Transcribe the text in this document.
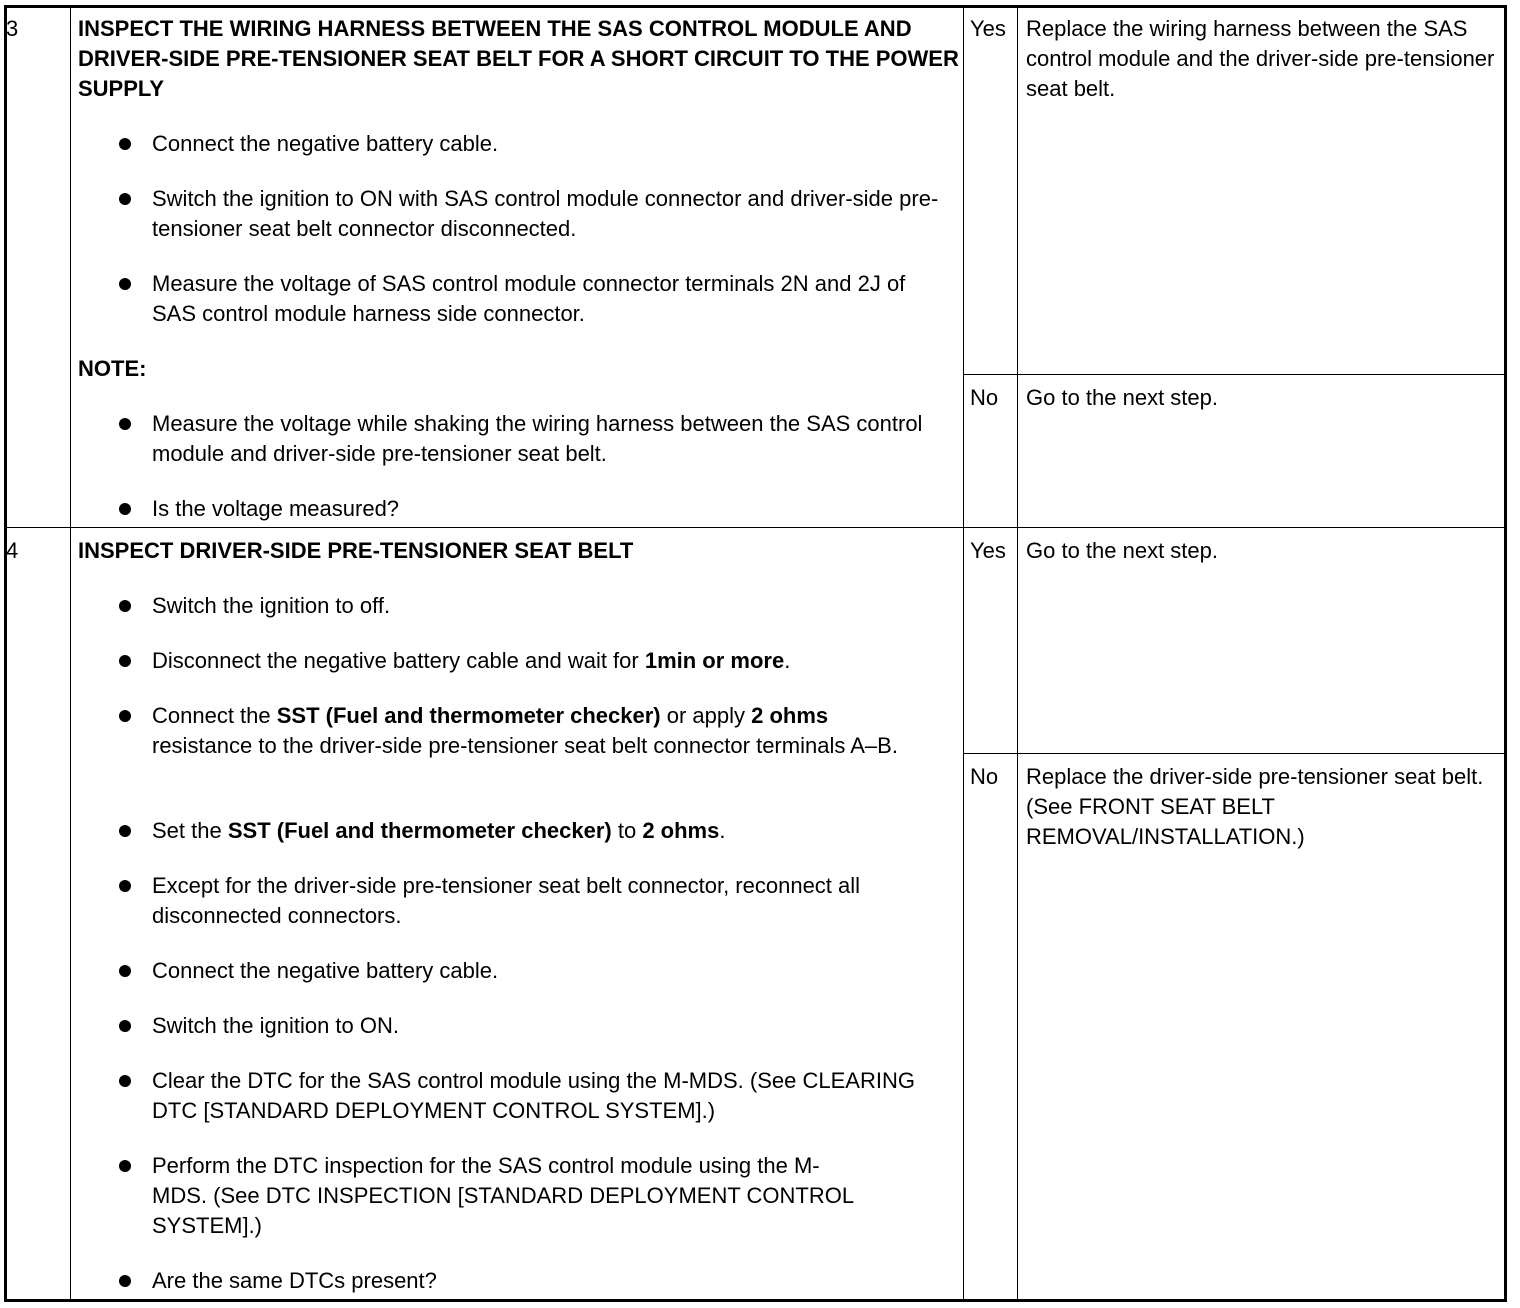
3	INSPECT THE WIRING HARNESS BETWEEN THE SAS CONTROL MODULE AND DRIVER-SIDE PRE-TENSIONER SEAT BELT FOR A SHORT CIRCUIT TO THE POWER SUPPLY
Connect the negative battery cable.
Switch the ignition to ON with SAS control module connector and driver-side pre-tensioner seat belt connector disconnected.
Measure the voltage of SAS control module connector terminals 2N and 2J of SAS control module harness side connector.
NOTE:
Measure the voltage while shaking the wiring harness between the SAS control module and driver-side pre-tensioner seat belt.
Is the voltage measured?
Yes Replace the wiring harness between the SAS control module and the driver-side pre-tensioner seat belt.
No Go to the next step.
4	INSPECT DRIVER-SIDE PRE-TENSIONER SEAT BELT
Switch the ignition to off.
Disconnect the negative battery cable and wait for 1min or more.
Connect the SST (Fuel and thermometer checker) or apply 2 ohms resistance to the driver-side pre-tensioner seat belt connector terminals A–B.
Set the SST (Fuel and thermometer checker) to 2 ohms.
Except for the driver-side pre-tensioner seat belt connector, reconnect all disconnected connectors.
Connect the negative battery cable.
Switch the ignition to ON.
Clear the DTC for the SAS control module using the M-MDS. (See CLEARING DTC [STANDARD DEPLOYMENT CONTROL SYSTEM].)
Perform the DTC inspection for the SAS control module using the M-MDS. (See DTC INSPECTION [STANDARD DEPLOYMENT CONTROL SYSTEM].)
Are the same DTCs present?
Yes Go to the next step.
No Replace the driver-side pre-tensioner seat belt. (See FRONT SEAT BELT REMOVAL/INSTALLATION.)
